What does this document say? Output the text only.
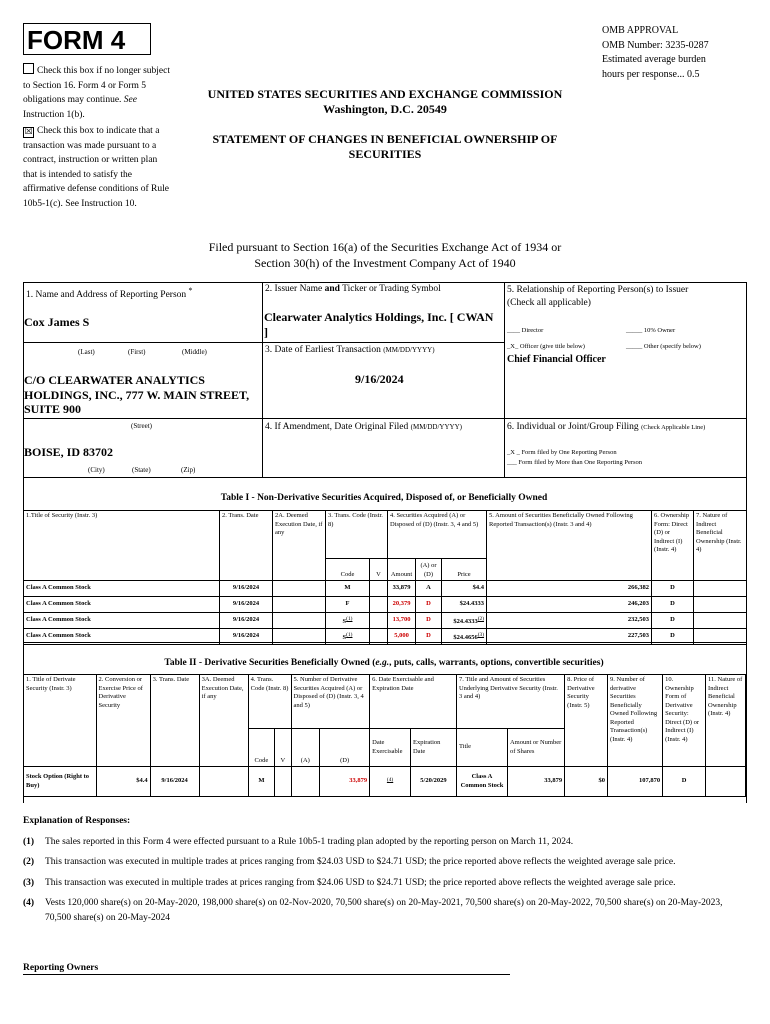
FORM 4	OMB APPROVAL
OMB Number: 3235-0287
Estimated average burden
hours per response... 0.5
Check this box if no longer subject to Section 16. Form 4 or Form 5 obligations may continue. See Instruction 1(b).
☒ Check this box to indicate that a transaction was made pursuant to a contract, instruction or written plan that is intended to satisfy the affirmative defense conditions of Rule 10b5-1(c). See Instruction 10.
UNITED STATES SECURITIES AND EXCHANGE COMMISSION
Washington, D.C. 20549
STATEMENT OF CHANGES IN BENEFICIAL OWNERSHIP OF SECURITIES
Filed pursuant to Section 16(a) of the Securities Exchange Act of 1934 or
Section 30(h) of the Investment Company Act of 1940
1. Name and Address of Reporting Person *
Cox James S
(Last)	(First)	(Middle)
C/O CLEARWATER ANALYTICS HOLDINGS, INC., 777 W. MAIN STREET, SUITE 900
(Street)
BOISE, ID 83702
(City)	(State)	(Zip)
2. Issuer Name and Ticker or Trading Symbol
Clearwater Analytics Holdings, Inc. [ CWAN ]
3. Date of Earliest Transaction (MM/DD/YYYY)
9/16/2024
4. If Amendment, Date Original Filed (MM/DD/YYYY)
5. Relationship of Reporting Person(s) to Issuer
(Check all applicable)
____ Director	_____ 10% Owner
_X_ Officer (give title below)	_____ Other (specify below)
Chief Financial Officer
6. Individual or Joint/Group Filing (Check Applicable Line)
_X _ Form filed by One Reporting Person
___ Form filed by More than One Reporting Person
Table I - Non-Derivative Securities Acquired, Disposed of, or Beneficially Owned
1.Title of Security (Instr. 3)	2. Trans. Date	2A. Deemed Execution Date, if any	3. Trans. Code (Instr. 8)		4. Securities Acquired (A) or Disposed of (D) (Instr. 3, 4 and 5)			5. Amount of Securities Beneficially Owned Following Reported Transaction(s) (Instr. 3 and 4)	6. Ownership Form: Direct (D) or Indirect (I) (Instr. 4)	7. Nature of Indirect Beneficial Ownership (Instr. 4)
			Code	V	Amount	(A) or (D)	Price			
Class A Common Stock	9/16/2024		M		33,879	A	$4.4	266,382	D	
Class A Common Stock	9/16/2024		F		20,379	D	$24.4333	246,203	D	
Class A Common Stock	9/16/2024		$S^{(1)}$		13,700	D	$24.4333$^{(2)}$	232,503	D	
Class A Common Stock	9/16/2024		$S^{(1)}$		5,000	D	$24.4656$^{(3)}$	227,503	D	
Table II - Derivative Securities Beneficially Owned (e.g., puts, calls, warrants, options, convertible securities)
1. Title of Derivate Security (Instr. 3)	2. Conversion or Exercise Price of Derivative Security	3. Trans. Date	3A. Deemed Execution Date, if any	4. Trans. Code (Instr. 8)		5. Number of Derivative Securities Acquired (A) or Disposed of (D) (Instr. 3, 4 and 5)		6. Date Exercisable and Expiration Date		7. Title and Amount of Securities Underlying Derivative Security (Instr. 3 and 4)		8. Price of Derivative Security (Instr. 5)	9. Number of derivative Securities Beneficially Owned Following Reported Transaction(s) (Instr. 4)	10. Ownership Form of Derivative Security: Direct (D) or Indirect (I) (Instr. 4)	11. Nature of Indirect Beneficial Ownership (Instr. 4)
				Code	V	(A)	(D)	Date Exercisable	Expiration Date	Title	Amount or Number of Shares				
Stock Option (Right to Buy)	$4.4	9/16/2024		M			33,879	$^{(4)}$	5/20/2029	Class A Common Stock	33,879	$0	107,870	D	
Explanation of Responses:
(1)	The sales reported in this Form 4 were effected pursuant to a Rule 10b5-1 trading plan adopted by the reporting person on March 11, 2024.
(2)	This transaction was executed in multiple trades at prices ranging from $24.03 USD to $24.71 USD; the price reported above reflects the weighted average sale price.
(3)	This transaction was executed in multiple trades at prices ranging from $24.06 USD to $24.71 USD; the price reported above reflects the weighted average sale price.
(4)	Vests 120,000 share(s) on 20-May-2020, 198,000 share(s) on 02-Nov-2020, 70,500 share(s) on 20-May-2021, 70,500 share(s) on 20-May-2022, 70,500 share(s) on 20-May-2023, 70,500 share(s) on 20-May-2024
Reporting Owners
